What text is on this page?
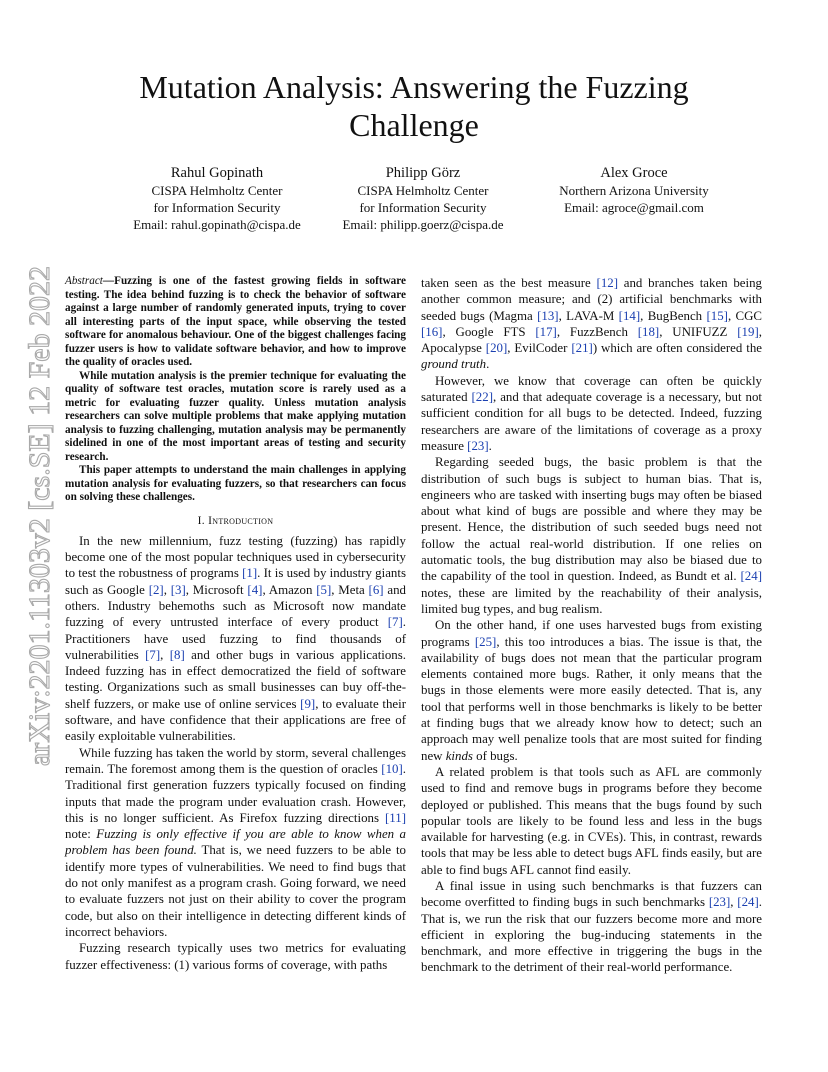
Mutation Analysis: Answering the Fuzzing Challenge
Rahul Gopinath
CISPA Helmholtz Center
for Information Security
Email: rahul.gopinath@cispa.de
Philipp Görz
CISPA Helmholtz Center
for Information Security
Email: philipp.goerz@cispa.de
Alex Groce
Northern Arizona University
Email: agroce@gmail.com
arXiv:2201.11303v2 [cs.SE] 12 Feb 2022 Abstract—Fuzzing is one of the fastest growing fields in software testing. The idea behind fuzzing is to check the behavior of software against a large number of randomly generated inputs, trying to cover all interesting parts of the input space, while observing the tested software for anomalous behaviour. One of the biggest challenges facing fuzzer users is how to validate software behavior, and how to improve the quality of oracles used.

While mutation analysis is the premier technique for evaluating the quality of software test oracles, mutation score is rarely used as a metric for evaluating fuzzer quality. Unless mutation analysis researchers can solve multiple problems that make applying mutation analysis to fuzzing challenging, mutation analysis may be permanently sidelined in one of the most important areas of testing and security research.

This paper attempts to understand the main challenges in applying mutation analysis for evaluating fuzzers, so that researchers can focus on solving these challenges.

I. Introduction

In the new millennium, fuzz testing (fuzzing) has rapidly become one of the most popular techniques used in cybersecurity to test the robustness of programs [1]. It is used by industry giants such as Google [2], [3], Microsoft [4], Amazon [5], Meta [6] and others. Industry behemoths such as Microsoft now mandate fuzzing of every untrusted interface of every product [7]. Practitioners have used fuzzing to find thousands of vulnerabilities [7], [8] and other bugs in various applications. Indeed fuzzing has in effect democratized the field of software testing. Organizations such as small businesses can buy off-the-shelf fuzzers, or make use of online services [9], to evaluate their software, and have confidence that their applications are free of easily exploitable vulnerabilities.

While fuzzing has taken the world by storm, several challenges remain. The foremost among them is the question of oracles [10]. Traditional first generation fuzzers typically focused on finding inputs that made the program under evaluation crash. However, this is no longer sufficient. As Firefox fuzzing directions [11] note: Fuzzing is only effective if you are able to know when a problem has been found. That is, we need fuzzers to be able to identify more types of vulnerabilities. We need to find bugs that do not only manifest as a program crash. Going forward, we need to evaluate fuzzers not just on their ability to cover the program code, but also on their intelligence in detecting different kinds of incorrect behaviors.

Fuzzing research typically uses two metrics for evaluating fuzzer effectiveness: (1) various forms of coverage, with paths

taken seen as the best measure [12] and branches taken being another common measure; and (2) artificial benchmarks with seeded bugs (Magma [13], LAVA-M [14], BugBench [15], CGC [16], Google FTS [17], FuzzBench [18], UNIFUZZ [19], Apocalypse [20], EvilCoder [21]) which are often considered the ground truth.

However, we know that coverage can often be quickly saturated [22], and that adequate coverage is a necessary, but not sufficient condition for all bugs to be detected. Indeed, fuzzing researchers are aware of the limitations of coverage as a proxy measure [23].

Regarding seeded bugs, the basic problem is that the distribution of such bugs is subject to human bias. That is, engineers who are tasked with inserting bugs may often be biased about what kind of bugs are possible and where they may be present. Hence, the distribution of such seeded bugs need not follow the actual real-world distribution. If one relies on automatic tools, the bug distribution may also be biased due to the capability of the tool in question. Indeed, as Bundt et al. [24] notes, these are limited by the reachability of their analysis, limited bug types, and bug realism.

On the other hand, if one uses harvested bugs from existing programs [25], this too introduces a bias. The issue is that, the availability of bugs does not mean that the particular program elements contained more bugs. Rather, it only means that the bugs in those elements were more easily detected. That is, any tool that performs well in those benchmarks is likely to be better at finding bugs that we already know how to detect; such an approach may well penalize tools that are most suited for finding new kinds of bugs.

A related problem is that tools such as AFL are commonly used to find and remove bugs in programs before they become deployed or published. This means that the bugs found by such popular tools are likely to be found less and less in the bugs available for harvesting (e.g. in CVEs). This, in contrast, rewards tools that may be less able to detect bugs AFL finds easily, but are able to find bugs AFL cannot find easily.

A final issue in using such benchmarks is that fuzzers can become overfitted to finding bugs in such benchmarks [23], [24]. That is, we run the risk that our fuzzers become more and more efficient in exploring the bug-inducing statements in the benchmark, and more effective in triggering the bugs in the benchmark to the detriment of their real-world performance.
